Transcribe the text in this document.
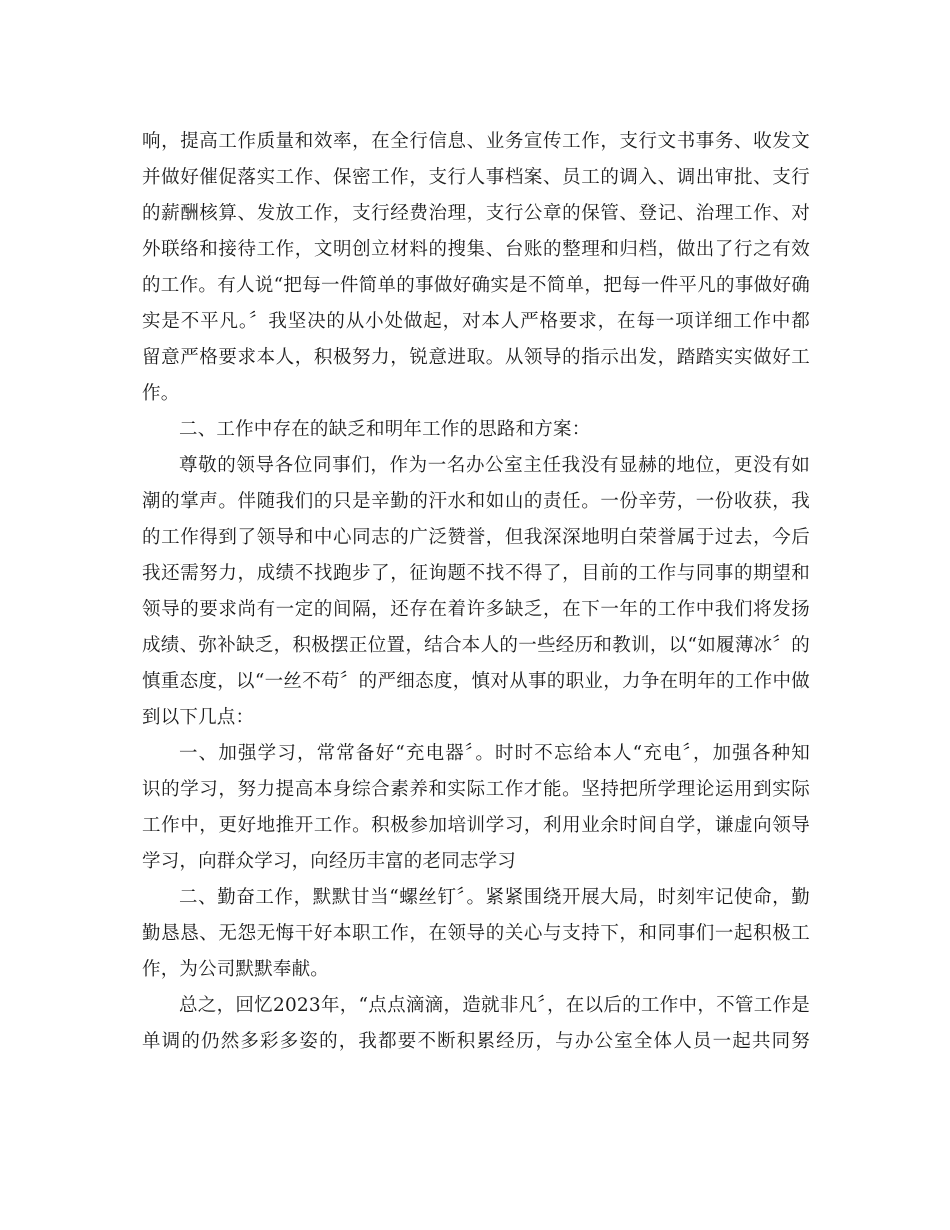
响，提高工作质量和效率，在全行信息、业务宣传工作，支行文书事务、收发文
并做好催促落实工作、保密工作，支行人事档案、员工的调入、调出审批、支行
的薪酬核算、发放工作，支行经费治理，支行公章的保管、登记、治理工作、对
外联络和接待工作，文明创立材料的搜集、台账的整理和归档，做出了行之有效
的工作。有人说“把每一件简单的事做好确实是不简单，把每一件平凡的事做好确
实是不平凡。〞我坚决的从小处做起，对本人严格要求，在每一项详细工作中都
留意严格要求本人，积极努力，锐意进取。从领导的指示出发，踏踏实实做好工
作。
二、工作中存在的缺乏和明年工作的思路和方案：
尊敬的领导各位同事们，作为一名办公室主任我没有显赫的地位，更没有如
潮的掌声。伴随我们的只是辛勤的汗水和如山的责任。一份辛劳，一份收获，我
的工作得到了领导和中心同志的广泛赞誉，但我深深地明白荣誉属于过去，今后
我还需努力，成绩不找跑步了，征询题不找不得了，目前的工作与同事的期望和
领导的要求尚有一定的间隔，还存在着许多缺乏，在下一年的工作中我们将发扬
成绩、弥补缺乏，积极摆正位置，结合本人的一些经历和教训，以“如履薄冰〞的
慎重态度，以“一丝不苟〞的严细态度，慎对从事的职业，力争在明年的工作中做
到以下几点：
一、加强学习，常常备好“充电器〞。时时不忘给本人“充电〞，加强各种知
识的学习，努力提高本身综合素养和实际工作才能。坚持把所学理论运用到实际
工作中，更好地推开工作。积极参加培训学习，利用业余时间自学，谦虚向领导
学习，向群众学习，向经历丰富的老同志学习
二、勤奋工作，默默甘当“螺丝钉〞。紧紧围绕开展大局，时刻牢记使命，勤
勤恳恳、无怨无悔干好本职工作，在领导的关心与支持下，和同事们一起积极工
作，为公司默默奉献。
总之，回忆2023年，“点点滴滴，造就非凡〞，在以后的工作中，不管工作是
单调的仍然多彩多姿的，我都要不断积累经历，与办公室全体人员一起共同努
